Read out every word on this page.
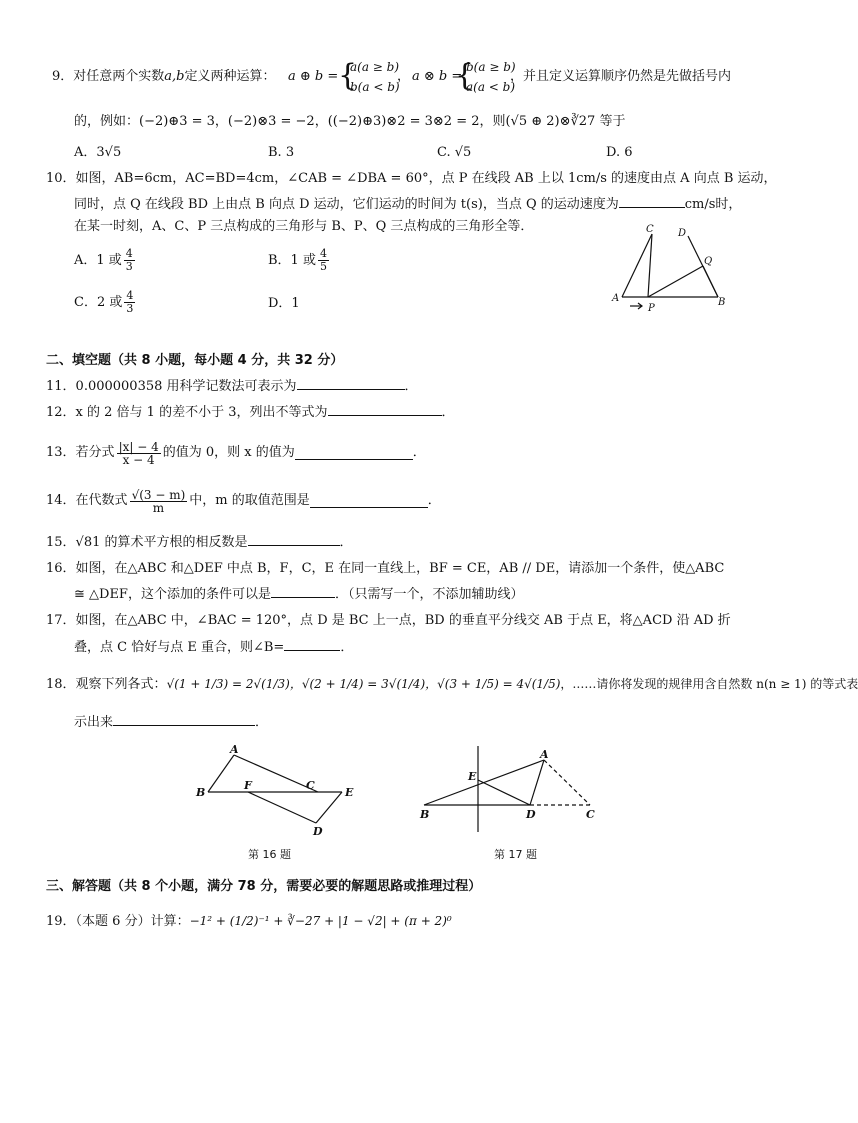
9．对任意两个实数a,b定义两种运算： a ⊕ b = {
a(a ≥ b)
b(a < b)
， a ⊗ b =
{
b(a ≥ b)
a(a < b)
，并且定义运算顺序仍然是先做括号内
的，例如：(−2)⊕3 = 3，(−2)⊗3 = −2，((−2)⊕3)⊗2 = 3⊗2 = 2，则(√5 ⊕ 2)⊗∛27 等于
A．3√5	B. 3	C. √5	D. 6
10．如图，AB=6cm，AC=BD=4cm，∠CAB = ∠DBA = 60°，点 P 在线段 AB 上以 1cm/s 的速度由点 A 向点 B 运动，
同时，点 Q 在线段 BD 上由点 B 向点 D 运动，它们运动的时间为 t(s)，当点 Q 的运动速度为	cm/s时，
在某一时刻，A、C、P 三点构成的三角形与 B、P、Q 三点构成的三角形全等．
A．1 或 $\frac{4}{3}$	B．1 或 $\frac{4}{5}$
C．2 或 $\frac{4}{3}$	D．1
C D
Q
A
P
B
二、填空题（共 8 小题，每小题 4 分，共 32 分）
11．0.000000358 用科学记数法可表示为	．
12．x 的 2 倍与 1 的差不小于 3，列出不等式为	．
13． 若分式 $\frac{|x| - 4}{x - 4}$ 的值为 0，则 x 的值为	．
14． 在代数式 $\frac{√(3 - m)}{m}$ 中，m 的取值范围是	．
15．√81 的算术平方根的相反数是	．
16．如图，在△ABC 和△DEF 中点 B，F，C，E 在同一直线上，BF = CE，AB // DE，请添加一个条件，使△ABC
≅ △DEF，这个添加的条件可以是	．（只需写一个，不添加辅助线）
17．如图，在△ABC 中，∠BAC = 120°，点 D 是 BC 上一点，BD 的垂直平分线交 AB 于点 E，将△ACD 沿 AD 折
叠，点 C 恰好与点 E 重合，则∠B=	．
18．观察下列各式：√(1 + 1/3) = 2√(1/3)，√(2 + 1/4) = 3√(1/4)，√(3 + 1/5) = 4√(1/5)，……请你将发现的规律用含自然数 n(n ≥ 1) 的等式表
示出来	．
A
B
F	C
E
D
第 16 题
A
E
B	D	C
第 17 题
三、解答题（共 8 个小题，满分 78 分，需要必要的解题思路或推理过程）
19．（本题 6 分）计算：−1² + (1/2)⁻¹ + ∛−27 + |1 − √2| + (π + 2)⁰
